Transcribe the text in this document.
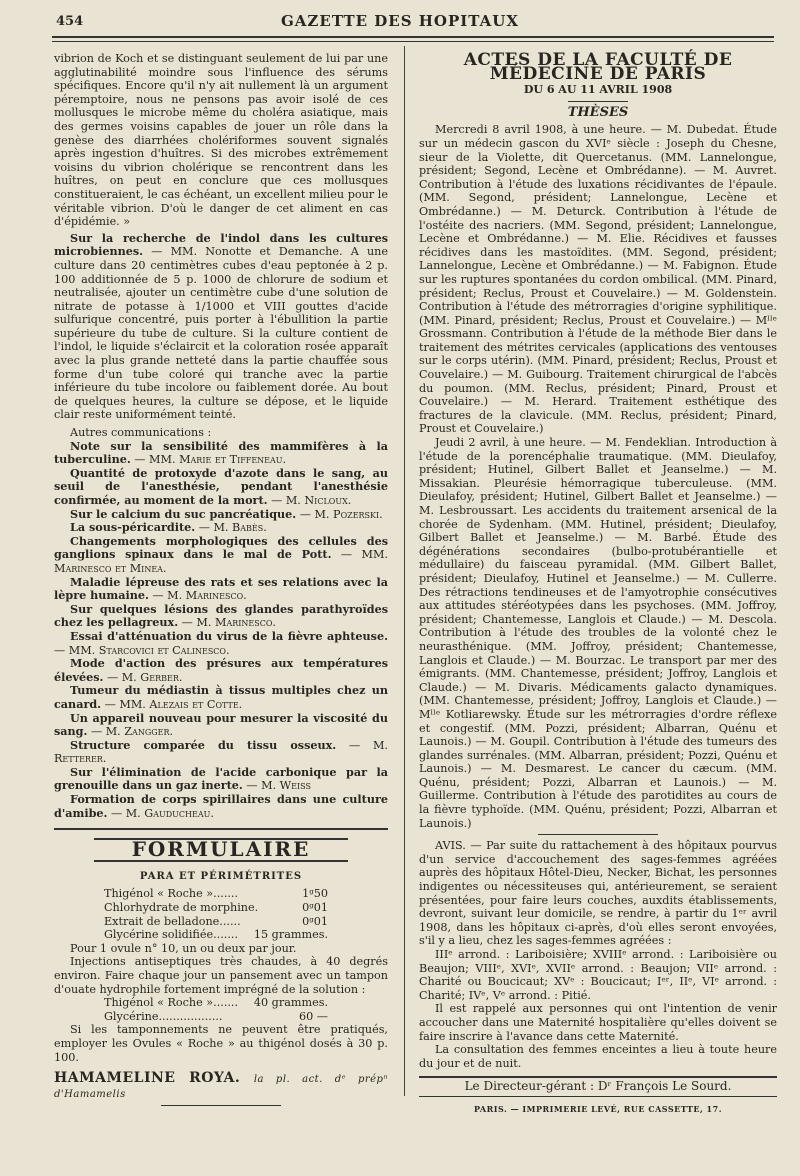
454	GAZETTE DES HOPITAUX

vibrion de Koch et se distinguant seulement de lui par une agglutinabilité moindre sous l'influence des sérums spécifiques. Encore qu'il n'y ait nullement là un argument péremptoire, nous ne pensons pas avoir isolé de ces mollusques le microbe même du choléra asiatique, mais des germes voisins capables de jouer un rôle dans la genèse des diarrhées cholériformes souvent signalés après ingestion d'huîtres. Si des microbes extrêmement voisins du vibrion cholérique se rencontrent dans les huîtres, on peut en conclure que ces mollusques constitueraient, le cas échéant, un excellent milieu pour le véritable vibrion. D'où le danger de cet aliment en cas d'épidémie. »

Sur la recherche de l'indol dans les cultures microbiennes. — MM. Nonotte et Demanche. A une culture dans 20 centimètres cubes d'eau peptonée à 2 p. 100 additionnée de 5 p. 1000 de chlorure de sodium et neutralisée, ajouter un centimètre cube d'une solution de nitrate de potasse à 1/1000 et VIII gouttes d'acide sulfurique concentré, puis porter à l'ébullition la partie supérieure du tube de culture. Si la culture contient de l'indol, le liquide s'éclaircit et la coloration rosée apparaît avec la plus grande netteté dans la partie chauffée sous forme d'un tube coloré qui tranche avec la partie inférieure du tube incolore ou faiblement dorée. Au bout de quelques heures, la culture se dépose, et le liquide clair reste uniformément teinté.

Autres communications :

Note sur la sensibilité des mammifères à la tuberculine. — MM. Marie et Tiffeneau.

Quantité de protoxyde d'azote dans le sang, au seuil de l'anesthésie, pendant l'anesthésie confirmée, au moment de la mort. — M. Nicloux.

Sur le calcium du suc pancréatique. — M. Pozerski.

La sous-péricardite. — M. Babès.

Changements morphologiques des cellules des ganglions spinaux dans le mal de Pott. — MM. Marinesco et Minea.

Maladie lépreuse des rats et ses relations avec la lèpre humaine. — M. Marinesco.

Sur quelques lésions des glandes parathyroïdes chez les pellagreux. — M. Marinesco.

Essai d'atténuation du virus de la fièvre aphteuse. — MM. Starcovici et Calinesco.

Mode d'action des présures aux températures élevées. — M. Gerber.

Tumeur du médiastin à tissus multiples chez un canard. — MM. Alezais et Cotte.

Un appareil nouveau pour mesurer la viscosité du sang. — M. Zangger.

Structure comparée du tissu osseux. — M. Retterer.

Sur l'élimination de l'acide carbonique par la grenouille dans un gaz inerte. — M. Weiss

Formation de corps spirillaires dans une culture d'amibe. — M. Gauducheau.

FORMULAIRE
PARA ET PÉRIMÉTRITES
Thigénol « Roche ».......	1ᵍ50
Chlorhydrate de morphine.	0ᵍ01
Extrait de belladone......	0ᵍ01
Glycérine solidifiée....... 15 grammes.

Pour 1 ovule n° 10, un ou deux par jour.

Injections antiseptiques très chaudes, à 40 degrés environ. Faire chaque jour un pansement avec un tampon d'ouate hydrophile fortement imprégné de la solution :

Thigénol « Roche »....... 40 grammes.
Glycérine..................	60 —

Si les tamponnements ne peuvent être pratiqués, employer les Ovules « Roche » au thigénol dosés à 30 p. 100.

HAMAMELINE ROYA. la pl. act. dᵉ prépⁿ d'Hamamelis
ACTES DE LA FACULTÉ DE MÉDECINE DE PARIS
DU 6 AU 11 AVRIL 1908
THÈSES

Mercredi 8 avril 1908, à une heure. — M. Dubedat. Étude sur un médecin gascon du XVIᵉ siècle : Joseph du Chesne, sieur de la Violette, dit Quercetanus. (MM. Lannelongue, président; Segond, Lecène et Ombrédanne). — M. Auvret. Contribution à l'étude des luxations récidivantes de l'épaule. (MM. Segond, président; Lannelongue, Lecène et Ombrédanne.) — M. Deturck. Contribution à l'étude de l'ostéite des nacriers. (MM. Segond, président; Lannelongue, Lecène et Ombrédanne.) — M. Elie. Récidives et fausses récidives dans les mastoïdites. (MM. Segond, président; Lannelongue, Lecène et Ombrédanne.) — M. Fabignon. Étude sur les ruptures spontanées du cordon ombilical. (MM. Pinard, président; Reclus, Proust et Couvelaire.) — M. Goldenstein. Contribution à l'étude des métrorragies d'origine syphilitique. (MM. Pinard, président; Reclus, Proust et Couvelaire.) — Mˡˡᵉ Grossmann. Contribution à l'étude de la méthode Bier dans le traitement des métrites cervicales (applications des ventouses sur le corps utérin). (MM. Pinard, président; Reclus, Proust et Couvelaire.) — M. Guibourg. Traitement chirurgical de l'abcès du poumon. (MM. Reclus, président; Pinard, Proust et Couvelaire.) — M. Herard. Traitement esthétique des fractures de la clavicule. (MM. Reclus, président; Pinard, Proust et Couvelaire.)

Jeudi 2 avril, à une heure. — M. Fendeklian. Introduction à l'étude de la porencéphalie traumatique. (MM. Dieulafoy, président; Hutinel, Gilbert Ballet et Jeanselme.) — M. Missakian. Pleurésie hémorragique tuberculeuse. (MM. Dieulafoy, président; Hutinel, Gilbert Ballet et Jeanselme.) — M. Lesbroussart. Les accidents du traitement arsenical de la chorée de Sydenham. (MM. Hutinel, président; Dieulafoy, Gilbert Ballet et Jeanselme.) — M. Barbé. Étude des dégénérations secondaires (bulbo-protubérantielle et médullaire) du faisceau pyramidal. (MM. Gilbert Ballet, président; Dieulafoy, Hutinel et Jeanselme.) — M. Cullerre. Des rétractions tendineuses et de l'amyotrophie consécutives aux attitudes stéréotypées dans les psychoses. (MM. Joffroy, président; Chantemesse, Langlois et Claude.) — M. Descola. Contribution à l'étude des troubles de la volonté chez le neurasthénique. (MM. Joffroy, président; Chantemesse, Langlois et Claude.) — M. Bourzac. Le transport par mer des émigrants. (MM. Chantemesse, président; Joffroy, Langlois et Claude.) — M. Divaris. Médicaments galacto dynamiques. (MM. Chantemesse, président; Joffroy, Langlois et Claude.) — Mˡˡᵉ Kotliarewsky. Étude sur les métrorragies d'ordre réflexe et congestif. (MM. Pozzi, président; Albarran, Quénu et Launois.) — M. Goupil. Contribution à l'étude des tumeurs des glandes surrénales. (MM. Albarran, président; Pozzi, Quénu et Launois.) — M. Desmarest. Le cancer du cæcum. (MM. Quénu, président; Pozzi, Albarran et Launois.) — M. Guillerme. Contribution à l'étude des parotidites au cours de la fièvre typhoïde. (MM. Quénu, président; Pozzi, Albarran et Launois.)

AVIS. — Par suite du rattachement à des hôpitaux pourvus d'un service d'accouchement des sages-femmes agréées auprès des hôpitaux Hôtel-Dieu, Necker, Bichat, les personnes indigentes ou nécessiteuses qui, antérieurement, se seraient présentées, pour faire leurs couches, auxdits établissements, devront, suivant leur domicile, se rendre, à partir du 1ᵉʳ avril 1908, dans les hôpitaux ci-après, d'où elles seront envoyées, s'il y a lieu, chez les sages-femmes agréées :

IIIᵉ arrond. : Lariboisière; XVIIIᵉ arrond. : Lariboisière ou Beaujon; VIIIᵉ, XVIᵉ, XVIIᵉ arrond. : Beaujon; VIIᵉ arrond. : Charité ou Boucicaut; XVᵉ : Boucicaut; Iᵉʳ, IIᵉ, VIᵉ arrond. : Charité; IVᵉ, Vᵉ arrond. : Pitié.

Il est rappelé aux personnes qui ont l'intention de venir accoucher dans une Maternité hospitalière qu'elles doivent se faire inscrire à l'avance dans cette Maternité.

La consultation des femmes enceintes a lieu à toute heure du jour et de nuit.

Le Directeur-gérant : Dʳ François Le Sourd.
PARIS. — IMPRIMERIE LEVÉ, RUE CASSETTE, 17.
